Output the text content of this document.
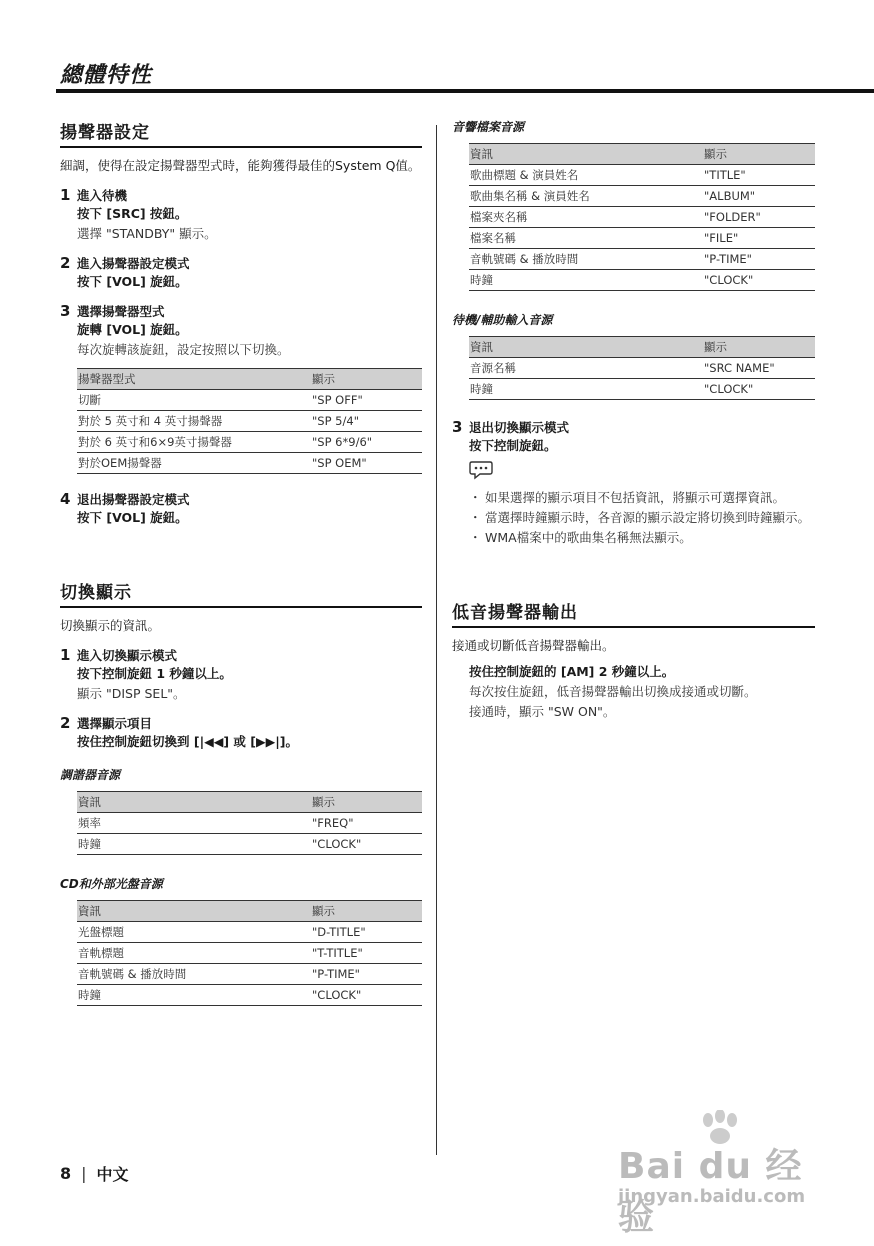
總體特性
揚聲器設定

細調，使得在設定揚聲器型式時，能夠獲得最佳的System Q值。

1 進入待機
按下 [SRC] 按鈕。
選擇 "STANDBY" 顯示。
2 進入揚聲器設定模式
按下 [VOL] 旋鈕。
3 選擇揚聲器型式
旋轉 [VOL] 旋鈕。
每次旋轉該旋鈕，設定按照以下切換。
揚聲器型式	顯示
切斷	"SP OFF"
對於 5 英寸和 4 英寸揚聲器	"SP 5/4"
對於 6 英寸和6×9英寸揚聲器	"SP 6*9/6"
對於OEM揚聲器	"SP OEM"
4 退出揚聲器設定模式
按下 [VOL] 旋鈕。
切換顯示

切換顯示的資訊。

1 進入切換顯示模式
按下控制旋鈕 1 秒鐘以上。
顯示 "DISP SEL"。
2 選擇顯示項目
按住控制旋鈕切換到 [|◀◀] 或 [▶▶|]。
調諧器音源
資訊	顯示
頻率	"FREQ"
時鐘	"CLOCK"
CD和外部光盤音源
資訊	顯示
光盤標題	"D-TITLE"
音軌標題	"T-TITLE"
音軌號碼 & 播放時間	"P-TIME"
時鐘	"CLOCK"
音響檔案音源
資訊	顯示
歌曲標題 & 演員姓名	"TITLE"
歌曲集名稱 & 演員姓名	"ALBUM"
檔案夾名稱	"FOLDER"
檔案名稱	"FILE"
音軌號碼 & 播放時間	"P-TIME"
時鐘	"CLOCK"
待機/輔助輸入音源
資訊	顯示
音源名稱	"SRC NAME"
時鐘	"CLOCK"
3 退出切換顯示模式
按下控制旋鈕。
・ 如果選擇的顯示項目不包括資訊，將顯示可選擇資訊。
・ 當選擇時鐘顯示時，各音源的顯示設定將切換到時鐘顯示。
・ WMA檔案中的歌曲集名稱無法顯示。
低音揚聲器輸出

接通或切斷低音揚聲器輸出。

按住控制旋鈕的 [AM] 2 秒鐘以上。
每次按住旋鈕，低音揚聲器輸出切換成接通或切斷。
接通時，顯示 "SW ON"。
8 | 中文	Bai du 经验
jingyan.baidu.com
